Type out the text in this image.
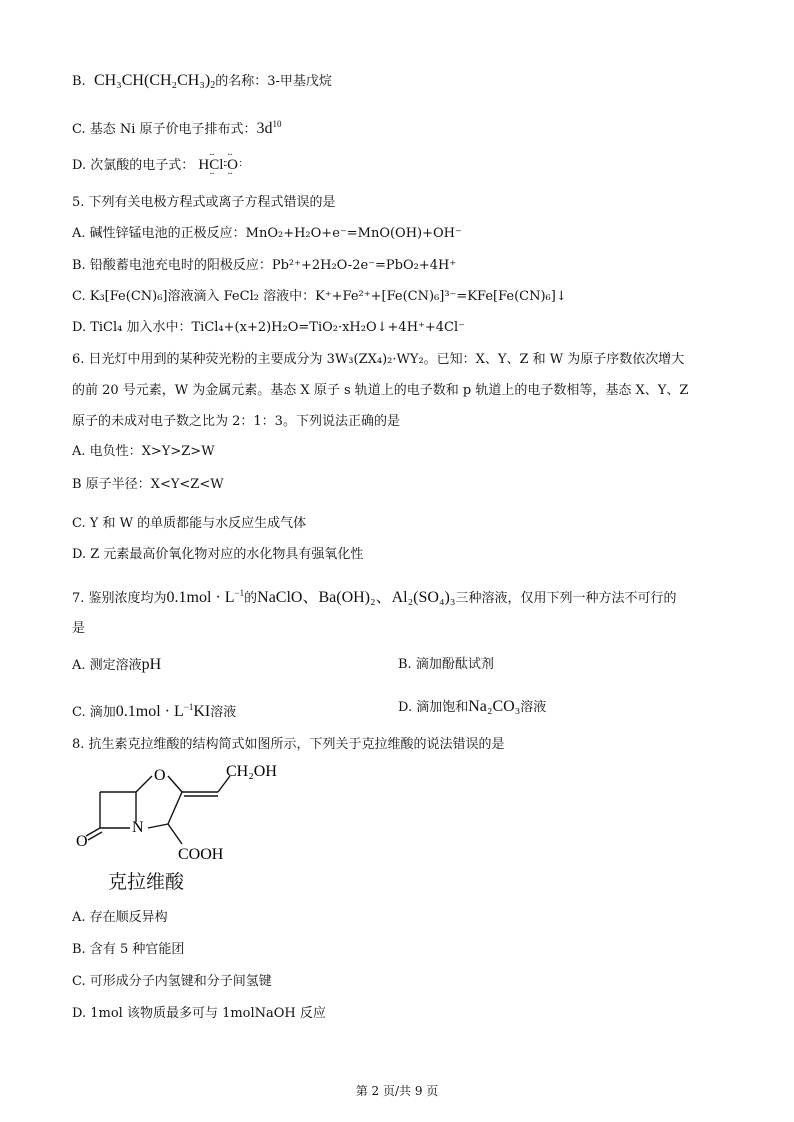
B. $CH_3CH(CH_2CH_3)_2$的名称：3-甲基戊烷
C. 基态 Ni 原子价电子排布式：$3d^{10}$
D. 次氯酸的电子式： H·· : Cl : ·· ·· : O : ··
5. 下列有关电极方程式或离子方程式错误的是
A. 碱性锌锰电池的正极反应：MnO₂+H₂O+e⁻=MnO(OH)+OH⁻
B. 铅酸蓄电池充电时的阳极反应：Pb²⁺+2H₂O-2e⁻=PbO₂+4H⁺
C. K₃[Fe(CN)₆]溶液滴入 FeCl₂ 溶液中：K⁺+Fe²⁺+[Fe(CN)₆]³⁻=KFe[Fe(CN)₆]↓
D. TiCl₄ 加入水中：TiCl₄+(x+2)H₂O=TiO₂·xH₂O↓+4H⁺+4Cl⁻
6. 日光灯中用到的某种荧光粉的主要成分为 3W₃(ZX₄)₂·WY₂。已知：X、Y、Z 和 W 为原子序数依次增大
的前 20 号元素，W 为金属元素。基态 X 原子 s 轨道上的电子数和 p 轨道上的电子数相等，基态 X、Y、Z
原子的未成对电子数之比为 2：1：3。下列说法正确的是
A. 电负性：X>Y>Z>W
B 原子半径：X<Y<Z<W
C. Y 和 W 的单质都能与水反应生成气体
D. Z 元素最高价氧化物对应的水化物具有强氧化性
7. 鉴别浓度均为$0.1mol \cdot L^{-1}$的NaClO、Ba(OH)₂、Al₂(SO₄)₃三种溶液，仅用下列一种方法不可行的
是
A. 测定溶液pH	B. 滴加酚酞试剂
C. 滴加$0.1mol \cdot L^{-1}KI$溶液	D. 滴加饱和Na₂CO₃溶液
8. 抗生素克拉维酸的结构简式如图所示，下列关于克拉维酸的说法错误的是
O	CH₂OH
O
N
COOH
克拉维酸
A. 存在顺反异构
B. 含有 5 种官能团
C. 可形成分子内氢键和分子间氢键
D. 1mol 该物质最多可与 1molNaOH 反应
第 2 页/共 9 页
